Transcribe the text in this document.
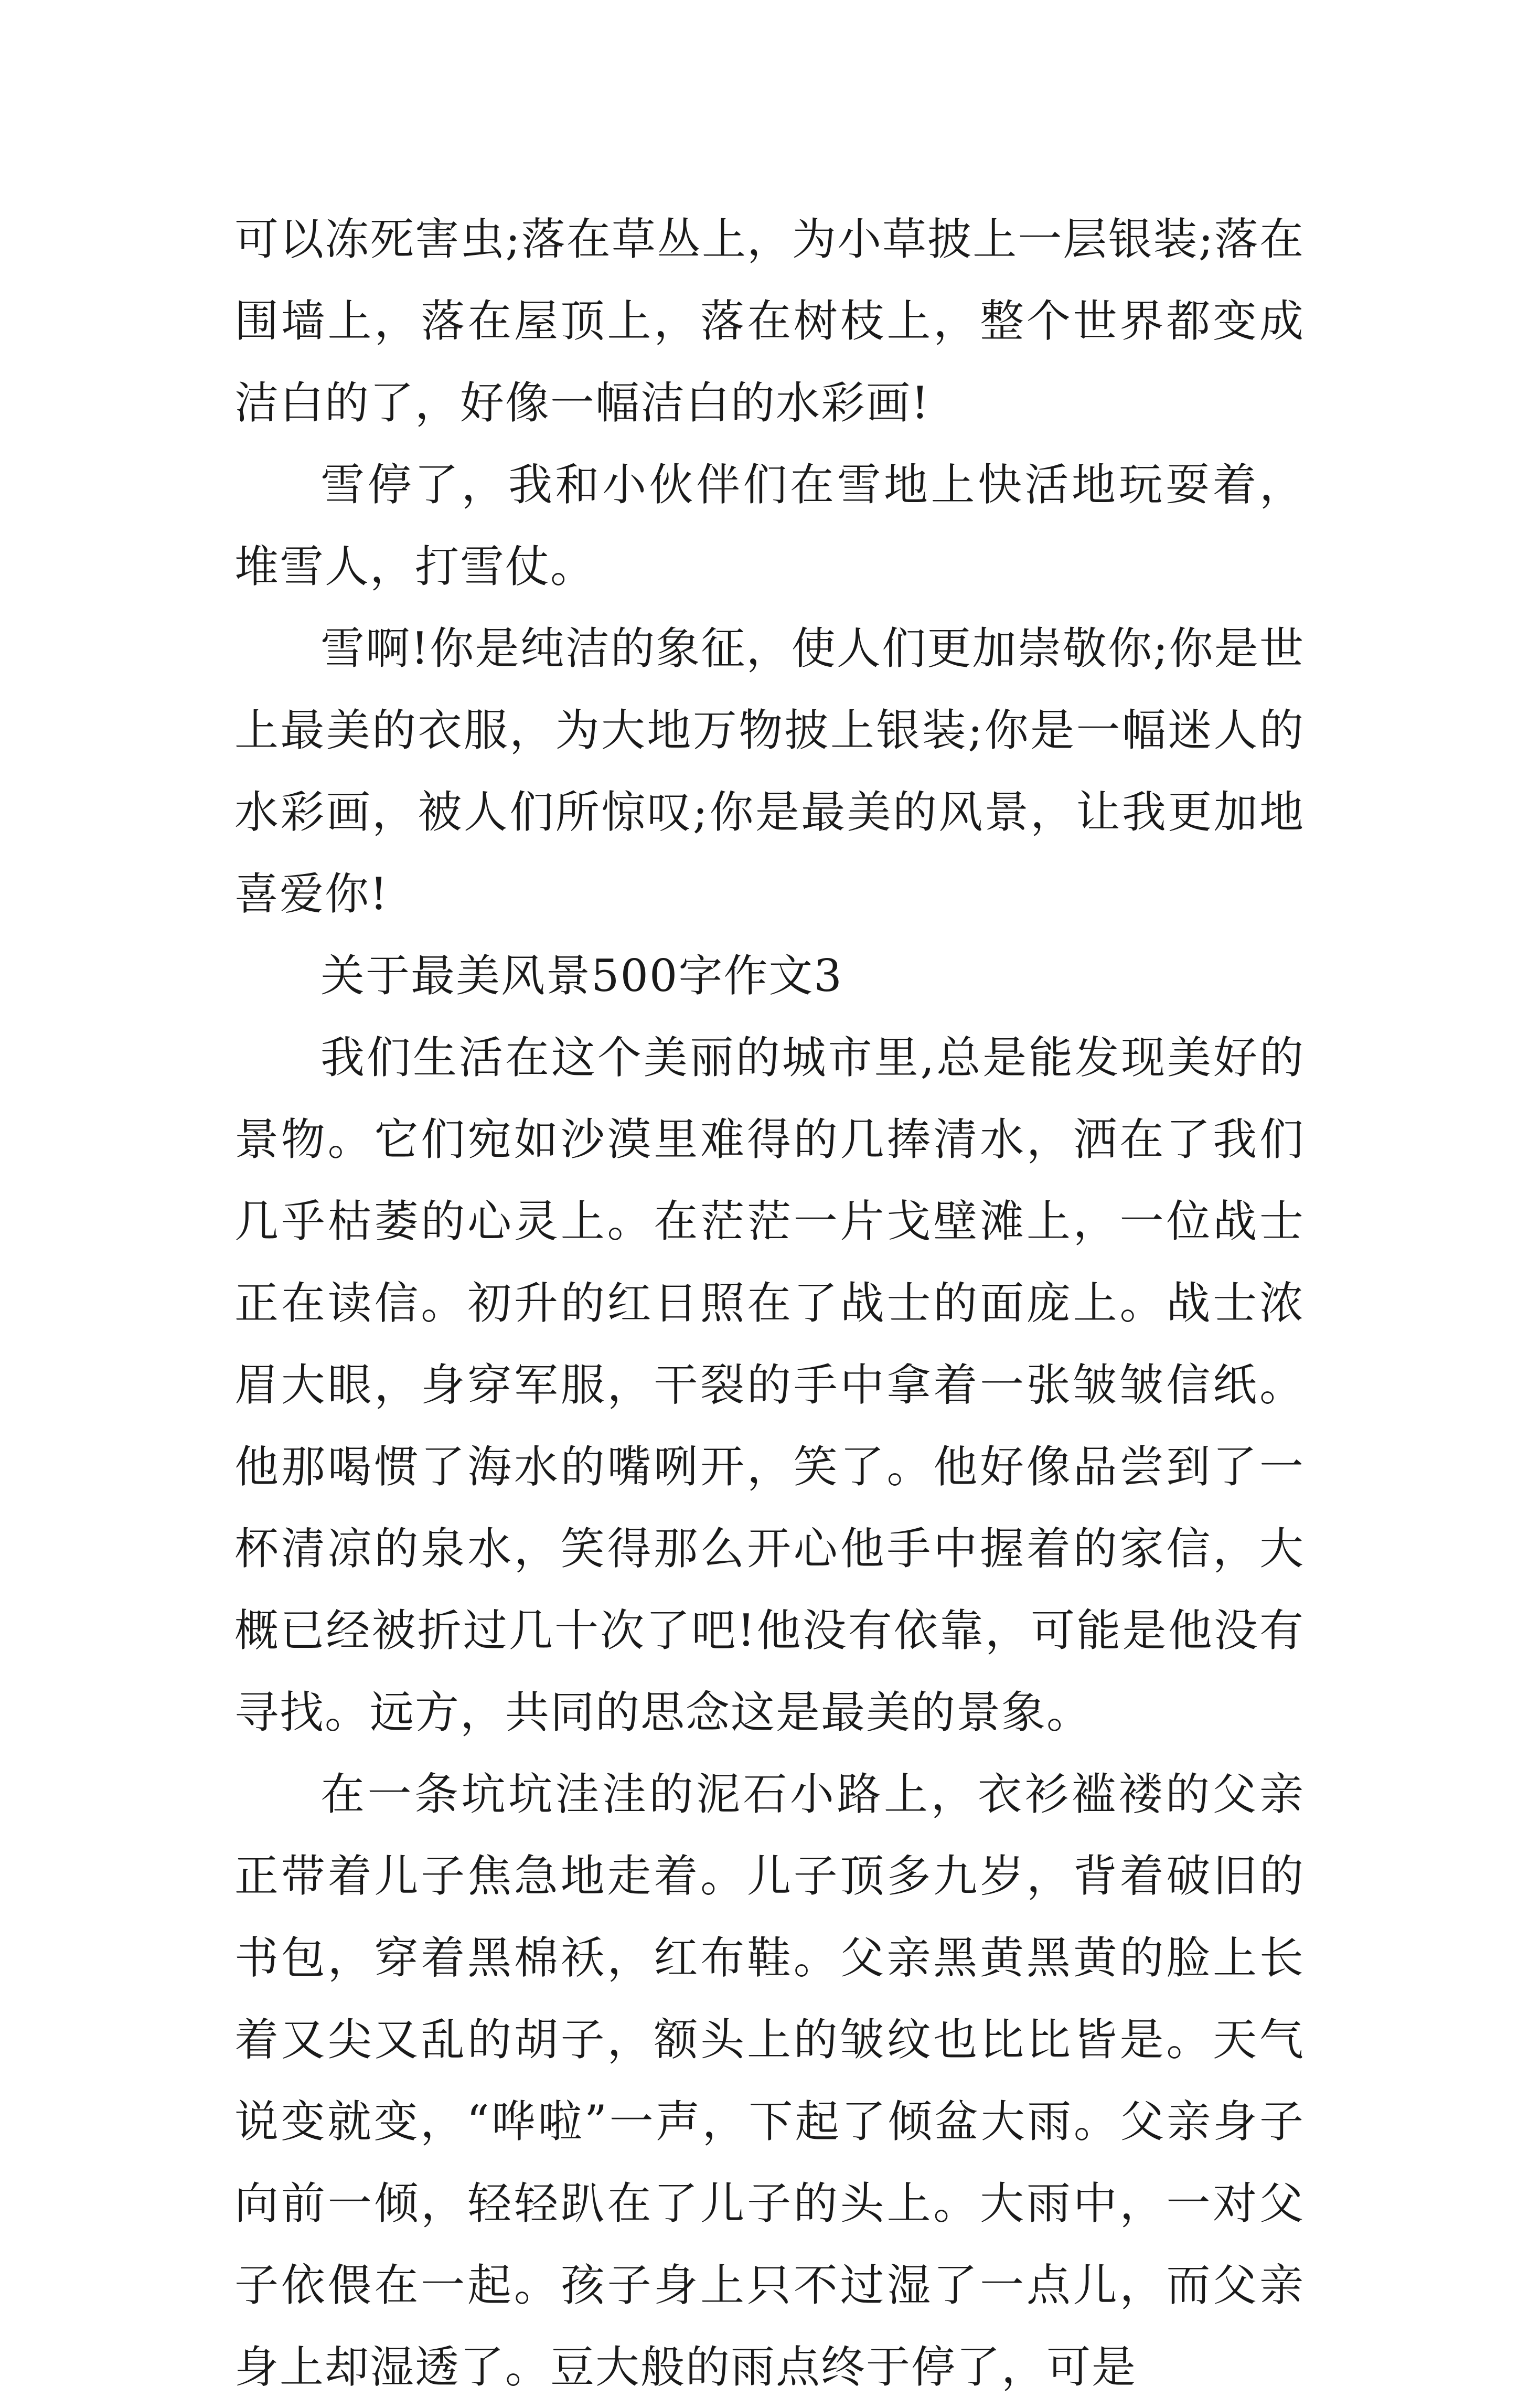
可以冻死害虫;落在草丛上，为小草披上一层银装;落在围墙上，落在屋顶上，落在树枝上，整个世界都变成洁白的了，好像一幅洁白的水彩画!

雪停了，我和小伙伴们在雪地上快活地玩耍着，堆雪人，打雪仗。

雪啊!你是纯洁的象征，使人们更加崇敬你;你是世上最美的衣服，为大地万物披上银装;你是一幅迷人的水彩画，被人们所惊叹;你是最美的风景，让我更加地喜爱你!

关于最美风景500字作文3

我们生活在这个美丽的城市里,总是能发现美好的景物。它们宛如沙漠里难得的几捧清水，洒在了我们几乎枯萎的心灵上。在茫茫一片戈壁滩上，一位战士正在读信。初升的红日照在了战士的面庞上。战士浓眉大眼，身穿军服，干裂的手中拿着一张皱皱信纸。他那喝惯了海水的嘴咧开，笑了。他好像品尝到了一杯清凉的泉水，笑得那么开心他手中握着的家信，大概已经被折过几十次了吧!他没有依靠，可能是他没有寻找。远方，共同的思念这是最美的景象。

在一条坑坑洼洼的泥石小路上，衣衫褴褛的父亲正带着儿子焦急地走着。儿子顶多九岁，背着破旧的书包，穿着黑棉袄，红布鞋。父亲黑黄黑黄的脸上长着又尖又乱的胡子，额头上的皱纹也比比皆是。天气说变就变，“哗啦”一声，下起了倾盆大雨。父亲身子向前一倾，轻轻趴在了儿子的头上。大雨中，一对父子依偎在一起。孩子身上只不过湿了一点儿，而父亲身上却湿透了。豆大般的雨点终于停了，可是
